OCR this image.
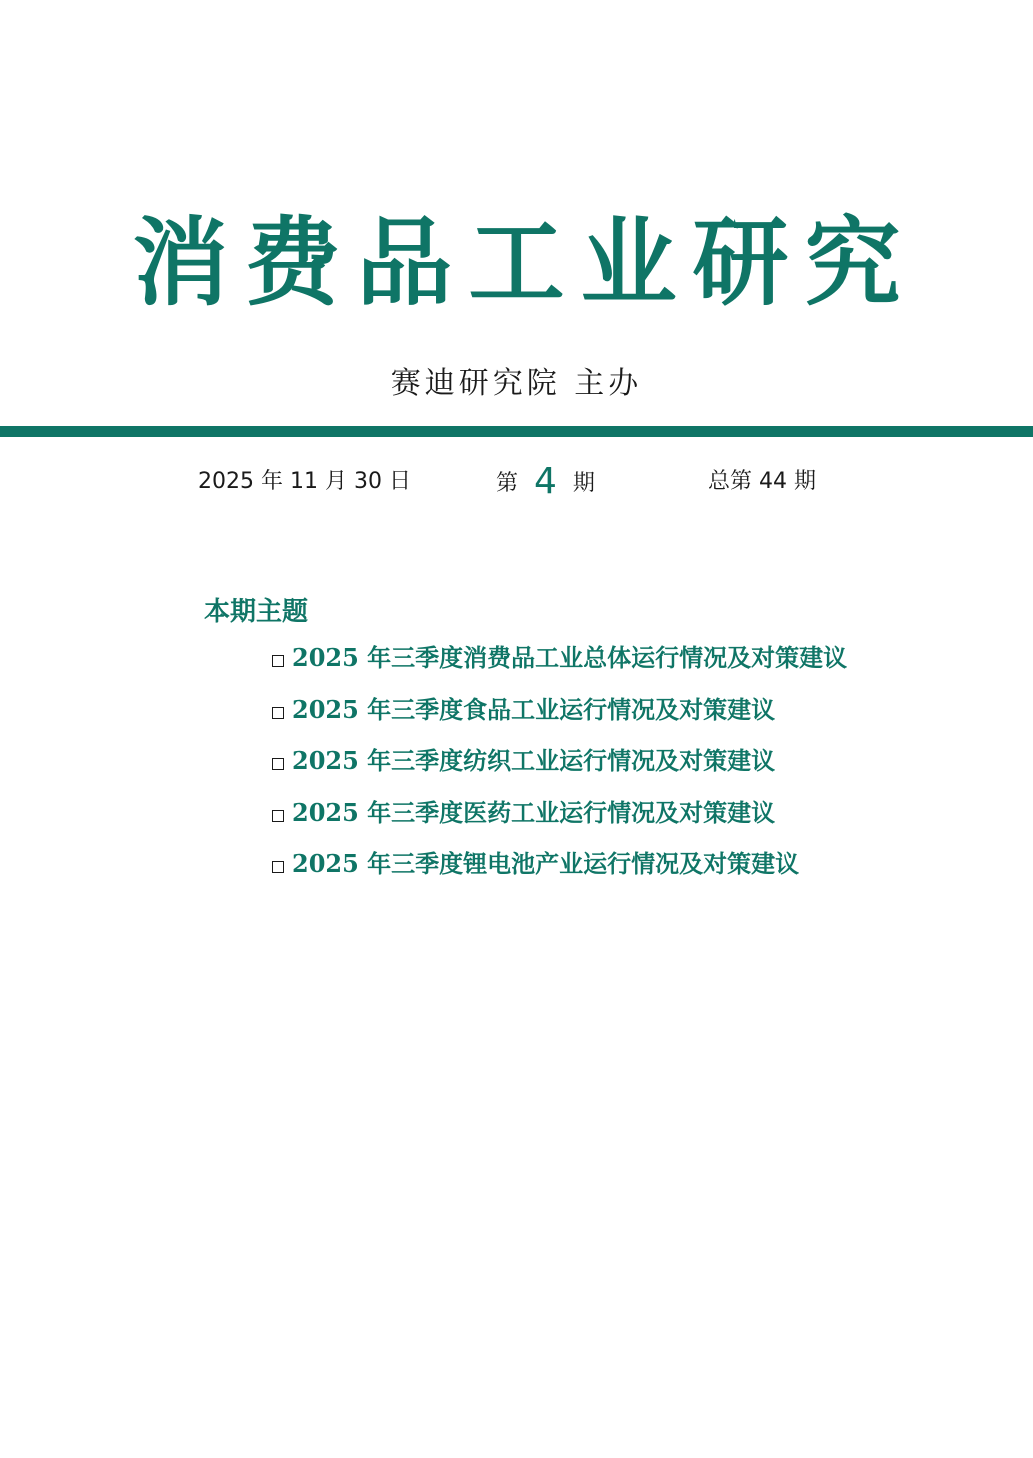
消费品工业研究
赛迪研究院 主办
2025 年 11 月 30 日	第 4 期	总第 44 期
本期主题
2025 年三季度消费品工业总体运行情况及对策建议
2025 年三季度食品工业运行情况及对策建议
2025 年三季度纺织工业运行情况及对策建议
2025 年三季度医药工业运行情况及对策建议
2025 年三季度锂电池产业运行情况及对策建议
